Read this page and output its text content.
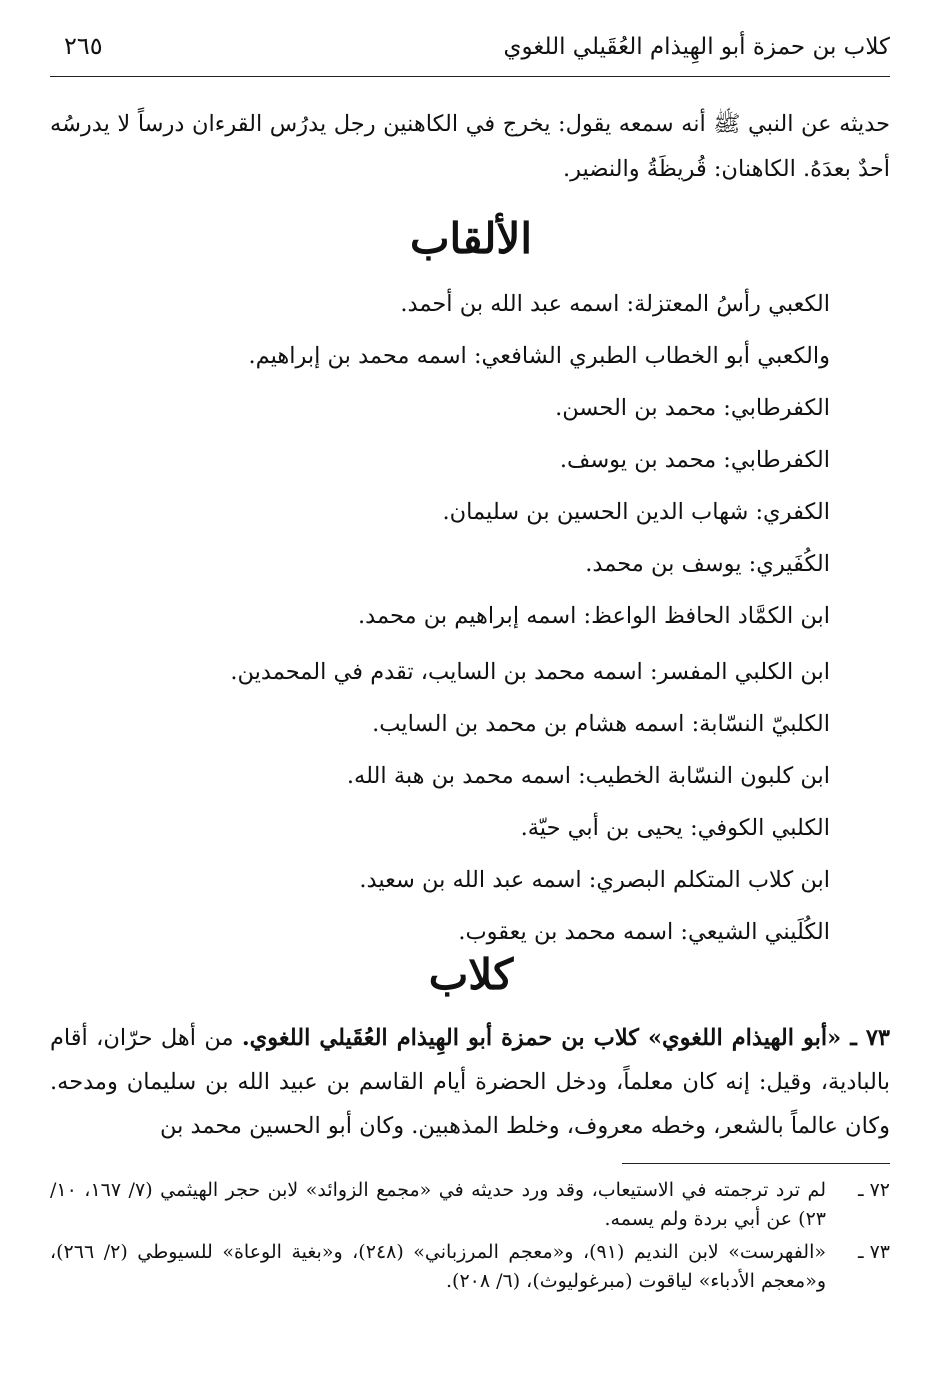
٢٦٥	كلاب بن حمزة أبو الهِيذام العُقَيلي اللغوي

حديثه عن النبي ﷺ أنه سمعه يقول: يخرج في الكاهنين رجل يدرُس القرءان درساً لا يدرسُه أحدٌ بعدَهُ. الكاهنان: قُريظَةُ والنضير.

الألقاب
الكعبي رأسُ المعتزلة: اسمه عبد الله بن أحمد.
والكعبي أبو الخطاب الطبري الشافعي: اسمه محمد بن إبراهيم.
الكفرطابي: محمد بن الحسن.
الكفرطابي: محمد بن يوسف.
الكفري: شهاب الدين الحسين بن سليمان.
الكُفَيري: يوسف بن محمد.
ابن الكمَّاد الحافظ الواعظ: اسمه إبراهيم بن محمد.
ابن الكلبي المفسر: اسمه محمد بن السايب، تقدم في المحمدين.
الكلبيّ النسّابة: اسمه هشام بن محمد بن السايب.
ابن كلبون النسّابة الخطيب: اسمه محمد بن هبة الله.
الكلبي الكوفي: يحيى بن أبي حيّة.
ابن كلاب المتكلم البصري: اسمه عبد الله بن سعيد.
الكُلَيني الشيعي: اسمه محمد بن يعقوب.
كلاب

٧٣ ـ «أبو الهيذام اللغوي» كلاب بن حمزة أبو الهِيذام العُقَيلي اللغوي. من أهل حرّان، أقام بالبادية، وقيل: إنه كان معلماً، ودخل الحضرة أيام القاسم بن عبيد الله بن سليمان ومدحه. وكان عالماً بالشعر، وخطه معروف، وخلط المذهبين. وكان أبو الحسين محمد بن

٧٢ ـ
لم ترد ترجمته في الاستيعاب، وقد ورد حديثه في «مجمع الزوائد» لابن حجر الهيثمي (٧/ ١٦٧، ١٠/ ٢٣) عن أبي بردة ولم يسمه.
٧٣ ـ
«الفهرست» لابن النديم (٩١)، و«معجم المرزباني» (٢٤٨)، و«بغية الوعاة» للسيوطي (٢/ ٢٦٦)، و«معجم الأدباء» لياقوت (مبرغوليوث)، (٦/ ٢٠٨).
